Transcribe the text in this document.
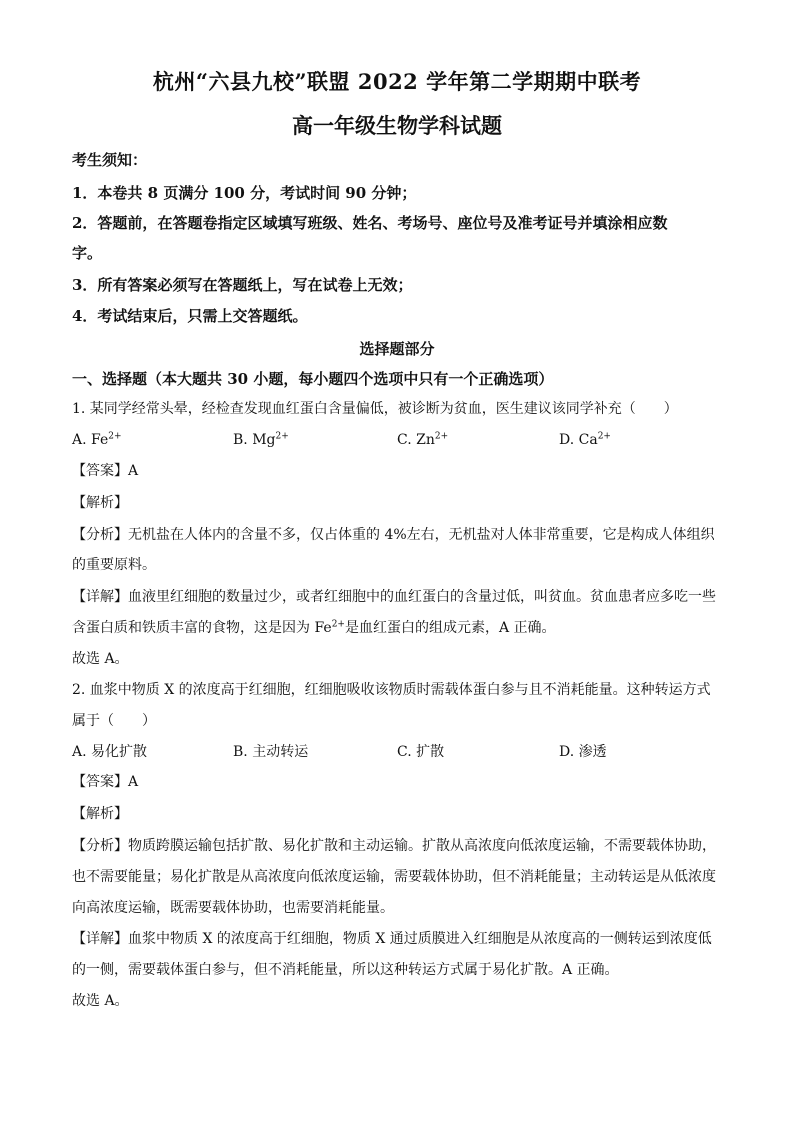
杭州“六县九校”联盟 2022 学年第二学期期中联考
高一年级生物学科试题
考生须知：
1．本卷共 8 页满分 100 分，考试时间 90 分钟；
2．答题前，在答题卷指定区域填写班级、姓名、考场号、座位号及准考证号并填涂相应数
字。
3．所有答案必须写在答题纸上，写在试卷上无效；
4．考试结束后，只需上交答题纸。
选择题部分
一、选择题（本大题共 30 小题，每小题四个选项中只有一个正确选项）
1. 某同学经常头晕，经检查发现血红蛋白含量偏低，被诊断为贫血，医生建议该同学补充（　　）
A. $Fe^{2+}$	B. $Mg^{2+}$	C. $Zn^{2+}$	D. $Ca^{2+}$
【答案】A
【解析】
【分析】无机盐在人体内的含量不多，仅占体重的 4%左右，无机盐对人体非常重要，它是构成人体组织
的重要原料。
【详解】血液里红细胞的数量过少，或者红细胞中的血红蛋白的含量过低，叫贫血。贫血患者应多吃一些
含蛋白质和铁质丰富的食物，这是因为 $Fe^{2+}$是血红蛋白的组成元素，A 正确。
故选 A。
2. 血浆中物质 X 的浓度高于红细胞，红细胞吸收该物质时需载体蛋白参与且不消耗能量。这种转运方式
属于（　　）
A. 易化扩散	B. 主动转运	C. 扩散	D. 渗透
【答案】A
【解析】
【分析】物质跨膜运输包括扩散、易化扩散和主动运输。扩散从高浓度向低浓度运输，不需要载体协助，
也不需要能量；易化扩散是从高浓度向低浓度运输，需要载体协助，但不消耗能量；主动转运是从低浓度
向高浓度运输，既需要载体协助，也需要消耗能量。
【详解】血浆中物质 X 的浓度高于红细胞，物质 X 通过质膜进入红细胞是从浓度高的一侧转运到浓度低
的一侧，需要载体蛋白参与，但不消耗能量，所以这种转运方式属于易化扩散。A 正确。
故选 A。
